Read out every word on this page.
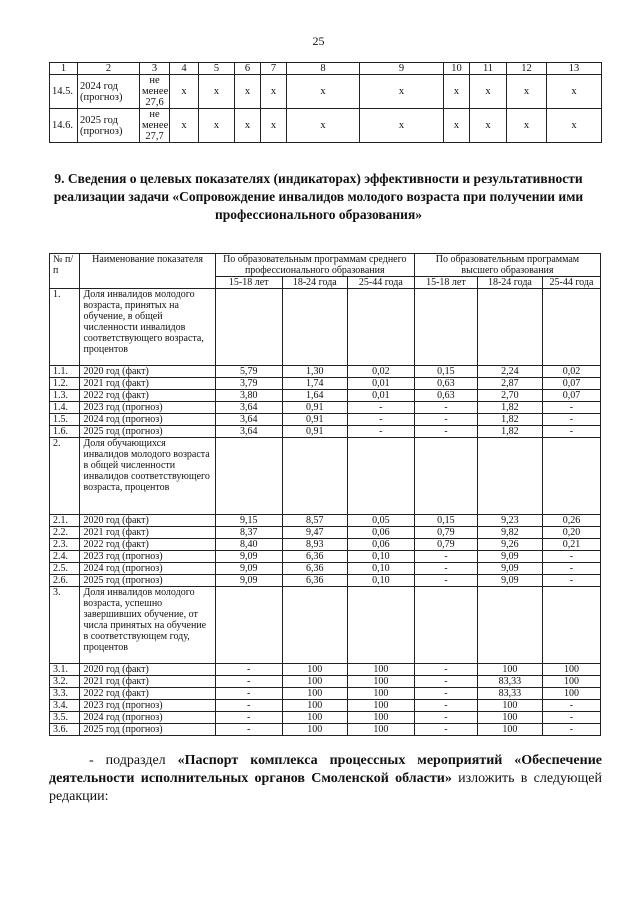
25
1	2	3	4	5	6	7	8	9	10	11	12	13
14.5.	2024 год (прогноз)	не менее 27,6	x	x	x	x	x	x	x	x	x	x
14.6.	2025 год (прогноз)	не менее 27,7	x	x	x	x	x	x	x	x	x	x
9. Сведения о целевых показателях (индикаторах) эффективности и результативности реализации задачи «Сопровождение инвалидов молодого возраста при получении ими профессионального образования»
№ п/п	Наименование показателя	По образовательным программам среднего профессионального образования			По образовательным программам высшего образования		
		15-18 лет	18-24 года	25-44 года	15-18 лет	18-24 года	25-44 года
1.	Доля инвалидов молодого возраста, принятых на обучение, в общей численности инвалидов соответствующего возраста, процентов						
1.1.	2020 год (факт)	5,79	1,30	0,02	0,15	2,24	0,02
1.2.	2021 год (факт)	3,79	1,74	0,01	0,63	2,87	0,07
1.3.	2022 год (факт)	3,80	1,64	0,01	0,63	2,70	0,07
1.4.	2023 год (прогноз)	3,64	0,91	-	-	1,82	-
1.5.	2024 год (прогноз)	3,64	0,91	-	-	1,82	-
1.6.	2025 год (прогноз)	3,64	0,91	-	-	1,82	-
2.	Доля обучающихся инвалидов молодого возраста в общей численности инвалидов соответствующего возраста, процентов						
2.1.	2020 год (факт)	9,15	8,57	0,05	0,15	9,23	0,26
2.2.	2021 год (факт)	8,37	9,47	0,06	0,79	9,82	0,20
2.3.	2022 год (факт)	8,40	8,93	0,06	0,79	9,26	0,21
2.4.	2023 год (прогноз)	9,09	6,36	0,10	-	9,09	-
2.5.	2024 год (прогноз)	9,09	6,36	0,10	-	9,09	-
2.6.	2025 год (прогноз)	9,09	6,36	0,10	-	9,09	-
3.	Доля инвалидов молодого возраста, успешно завершивших обучение, от числа принятых на обучение в соответствующем году, процентов						
3.1.	2020 год (факт)	-	100	100	-	100	100
3.2.	2021 год (факт)	-	100	100	-	83,33	100
3.3.	2022 год (факт)	-	100	100	-	83,33	100
3.4.	2023 год (прогноз)	-	100	100	-	100	-
3.5.	2024 год (прогноз)	-	100	100	-	100	-
3.6.	2025 год (прогноз)	-	100	100	-	100	-
- подраздел «Паспорт комплекса процессных мероприятий «Обеспечение деятельности исполнительных органов Смоленской области» изложить в следующей редакции:
